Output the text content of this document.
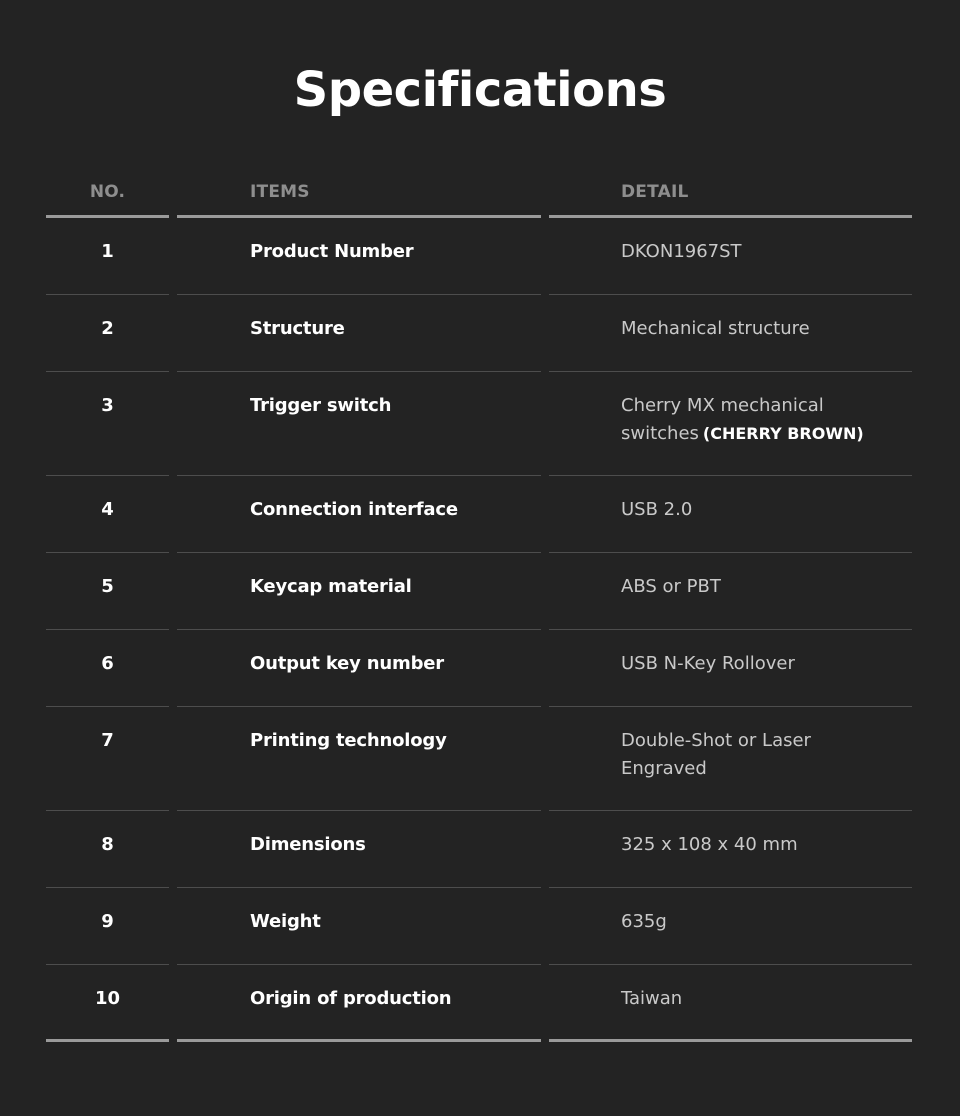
Specifications
NO.	ITEMS	DETAIL
1	Product Number	DKON1967ST
2	Structure	Mechanical structure
3	Trigger switch	Cherry MX mechanical switches (CHERRY BROWN)
4	Connection interface	USB 2.0
5	Keycap material	ABS or PBT
6	Output key number	USB N-Key Rollover
7	Printing technology	Double-Shot or Laser Engraved
8	Dimensions	325 x 108 x 40 mm
9	Weight	635g
10	Origin of production	Taiwan
